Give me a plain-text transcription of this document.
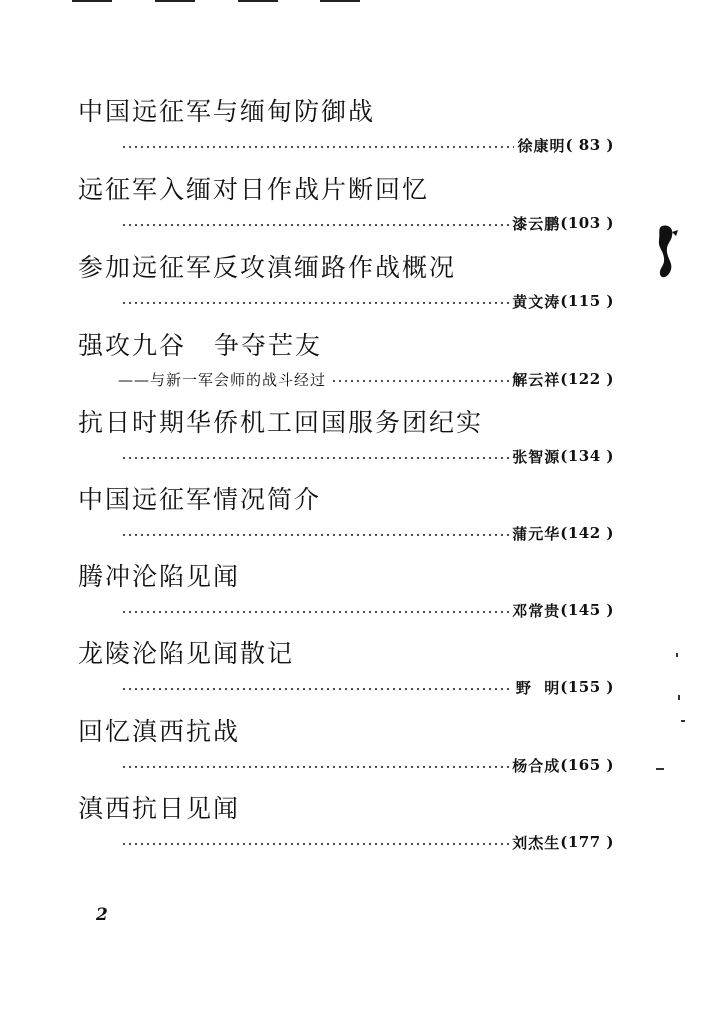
中国远征军与缅甸防御战
徐康明 ( 83 )
远征军入缅对日作战片断回忆
漆云鹏 (103 )
参加远征军反攻滇缅路作战概况
黄文涛 (115 )
强攻九谷 争夺芒友
——与新一军会师的战斗经过	解云祥 (122 )
抗日时期华侨机工回国服务团纪实
张智源 (134 )
中国远征军情况简介
蒲元华 (142 )
腾冲沦陷见闻
邓常贵 (145 )
龙陵沦陷见闻散记
野  明 (155 )
回忆滇西抗战
杨合成 (165 )
滇西抗日见闻
刘杰生 (177 )
2
